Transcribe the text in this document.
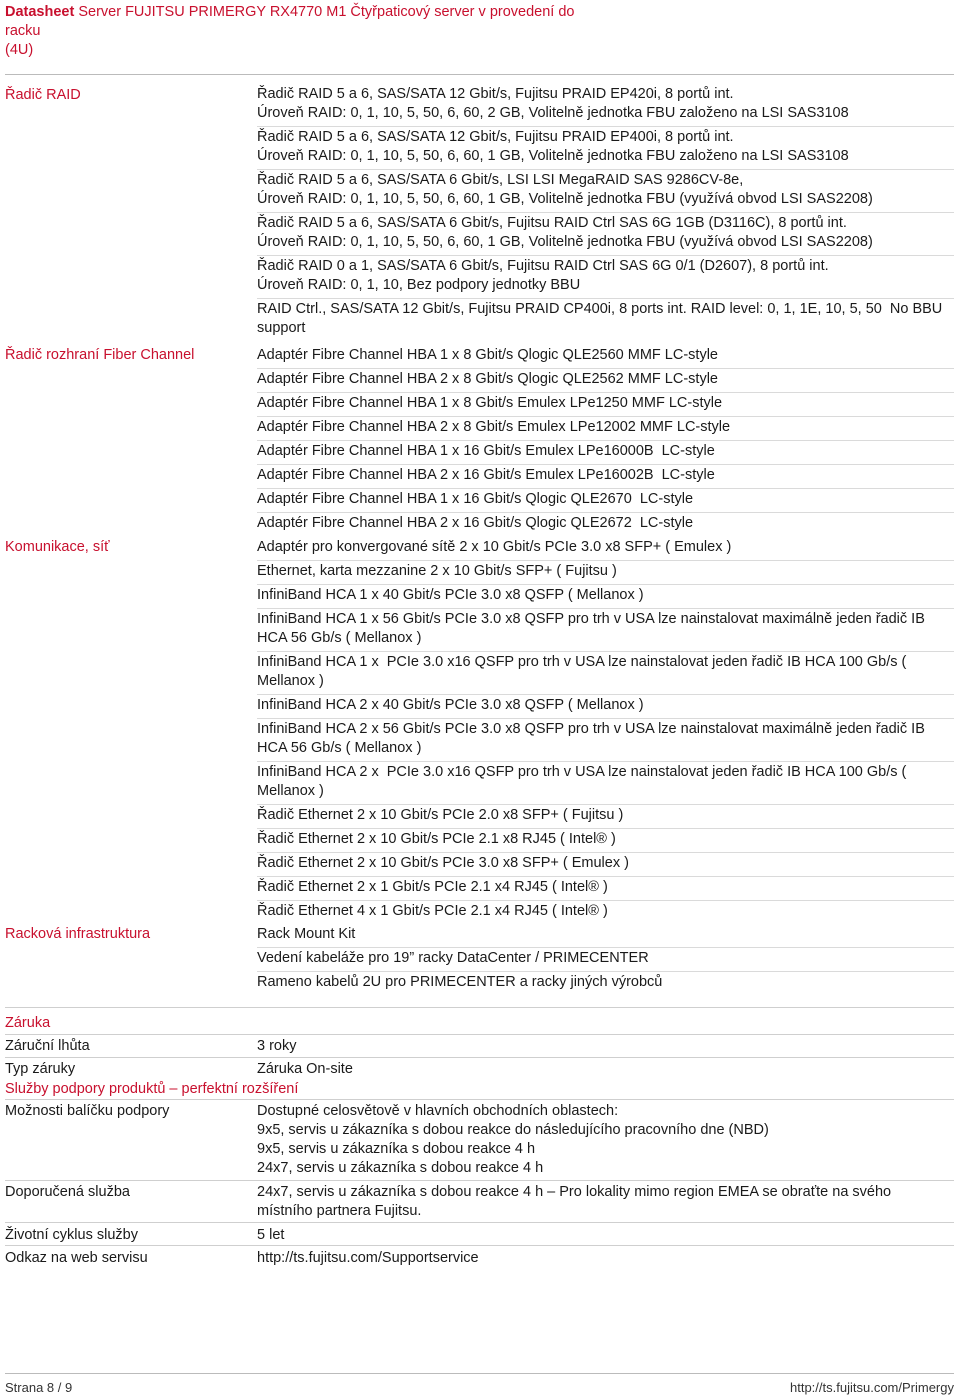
Datasheet Server FUJITSU PRIMERGY RX4770 M1 Čtyřpaticový server v provedení do racku
(4U)
Řadič RAID	Řadič RAID 5 a 6, SAS/SATA 12 Gbit/s, Fujitsu PRAID EP420i, 8 portů int.
Úroveň RAID: 0, 1, 10, 5, 50, 6, 60, 2 GB, Volitelně jednotka FBU založeno na LSI SAS3108
Řadič RAID 5 a 6, SAS/SATA 12 Gbit/s, Fujitsu PRAID EP400i, 8 portů int.
Úroveň RAID: 0, 1, 10, 5, 50, 6, 60, 1 GB, Volitelně jednotka FBU založeno na LSI SAS3108
Řadič RAID 5 a 6, SAS/SATA 6 Gbit/s, LSI LSI MegaRAID SAS 9286CV-8e,
Úroveň RAID: 0, 1, 10, 5, 50, 6, 60, 1 GB, Volitelně jednotka FBU (využívá obvod LSI SAS2208)
Řadič RAID 5 a 6, SAS/SATA 6 Gbit/s, Fujitsu RAID Ctrl SAS 6G 1GB (D3116C), 8 portů int.
Úroveň RAID: 0, 1, 10, 5, 50, 6, 60, 1 GB, Volitelně jednotka FBU (využívá obvod LSI SAS2208)
Řadič RAID 0 a 1, SAS/SATA 6 Gbit/s, Fujitsu RAID Ctrl SAS 6G 0/1 (D2607), 8 portů int.
Úroveň RAID: 0, 1, 10, Bez podpory jednotky BBU
RAID Ctrl., SAS/SATA 12 Gbit/s, Fujitsu PRAID CP400i, 8 ports int. RAID level: 0, 1, 1E, 10, 5, 50  No BBU
support
Řadič rozhraní Fiber Channel	Adaptér Fibre Channel HBA 1 x 8 Gbit/s Qlogic QLE2560 MMF LC-style
Adaptér Fibre Channel HBA 2 x 8 Gbit/s Qlogic QLE2562 MMF LC-style
Adaptér Fibre Channel HBA 1 x 8 Gbit/s Emulex LPe1250 MMF LC-style
Adaptér Fibre Channel HBA 2 x 8 Gbit/s Emulex LPe12002 MMF LC-style
Adaptér Fibre Channel HBA 1 x 16 Gbit/s Emulex LPe16000B  LC-style
Adaptér Fibre Channel HBA 2 x 16 Gbit/s Emulex LPe16002B  LC-style
Adaptér Fibre Channel HBA 1 x 16 Gbit/s Qlogic QLE2670  LC-style
Adaptér Fibre Channel HBA 2 x 16 Gbit/s Qlogic QLE2672  LC-style
Komunikace, síť	Adaptér pro konvergované sítě 2 x 10 Gbit/s PCIe 3.0 x8 SFP+ ( Emulex )
Ethernet, karta mezzanine 2 x 10 Gbit/s SFP+ ( Fujitsu )
InfiniBand HCA 1 x 40 Gbit/s PCIe 3.0 x8 QSFP ( Mellanox )
InfiniBand HCA 1 x 56 Gbit/s PCIe 3.0 x8 QSFP pro trh v USA lze nainstalovat maximálně jeden řadič IB
HCA 56 Gb/s ( Mellanox )
InfiniBand HCA 1 x  PCIe 3.0 x16 QSFP pro trh v USA lze nainstalovat jeden řadič IB HCA 100 Gb/s (
Mellanox )
InfiniBand HCA 2 x 40 Gbit/s PCIe 3.0 x8 QSFP ( Mellanox )
InfiniBand HCA 2 x 56 Gbit/s PCIe 3.0 x8 QSFP pro trh v USA lze nainstalovat maximálně jeden řadič IB
HCA 56 Gb/s ( Mellanox )
InfiniBand HCA 2 x  PCIe 3.0 x16 QSFP pro trh v USA lze nainstalovat jeden řadič IB HCA 100 Gb/s (
Mellanox )
Řadič Ethernet 2 x 10 Gbit/s PCIe 2.0 x8 SFP+ ( Fujitsu )
Řadič Ethernet 2 x 10 Gbit/s PCIe 2.1 x8 RJ45 ( Intel® )
Řadič Ethernet 2 x 10 Gbit/s PCIe 3.0 x8 SFP+ ( Emulex )
Řadič Ethernet 2 x 1 Gbit/s PCIe 2.1 x4 RJ45 ( Intel® )
Řadič Ethernet 4 x 1 Gbit/s PCIe 2.1 x4 RJ45 ( Intel® )
Racková infrastruktura	Rack Mount Kit
Vedení kabeláže pro 19” racky DataCenter / PRIMECENTER
Rameno kabelů 2U pro PRIMECENTER a racky jiných výrobců
Záruka
Záruční lhůta	3 roky
Typ záruky	Záruka On-site
Služby podpory produktů – perfektní rozšíření
Možnosti balíčku podpory	Dostupné celosvětově v hlavních obchodních oblastech:
9x5, servis u zákazníka s dobou reakce do následujícího pracovního dne (NBD)
9x5, servis u zákazníka s dobou reakce 4 h
24x7, servis u zákazníka s dobou reakce 4 h
Doporučená služba	24x7, servis u zákazníka s dobou reakce 4 h – Pro lokality mimo region EMEA se obraťte na svého
místního partnera Fujitsu.
Životní cyklus služby	5 let
Odkaz na web servisu	http://ts.fujitsu.com/Supportservice
Strana 8 / 9	http://ts.fujitsu.com/Primergy
